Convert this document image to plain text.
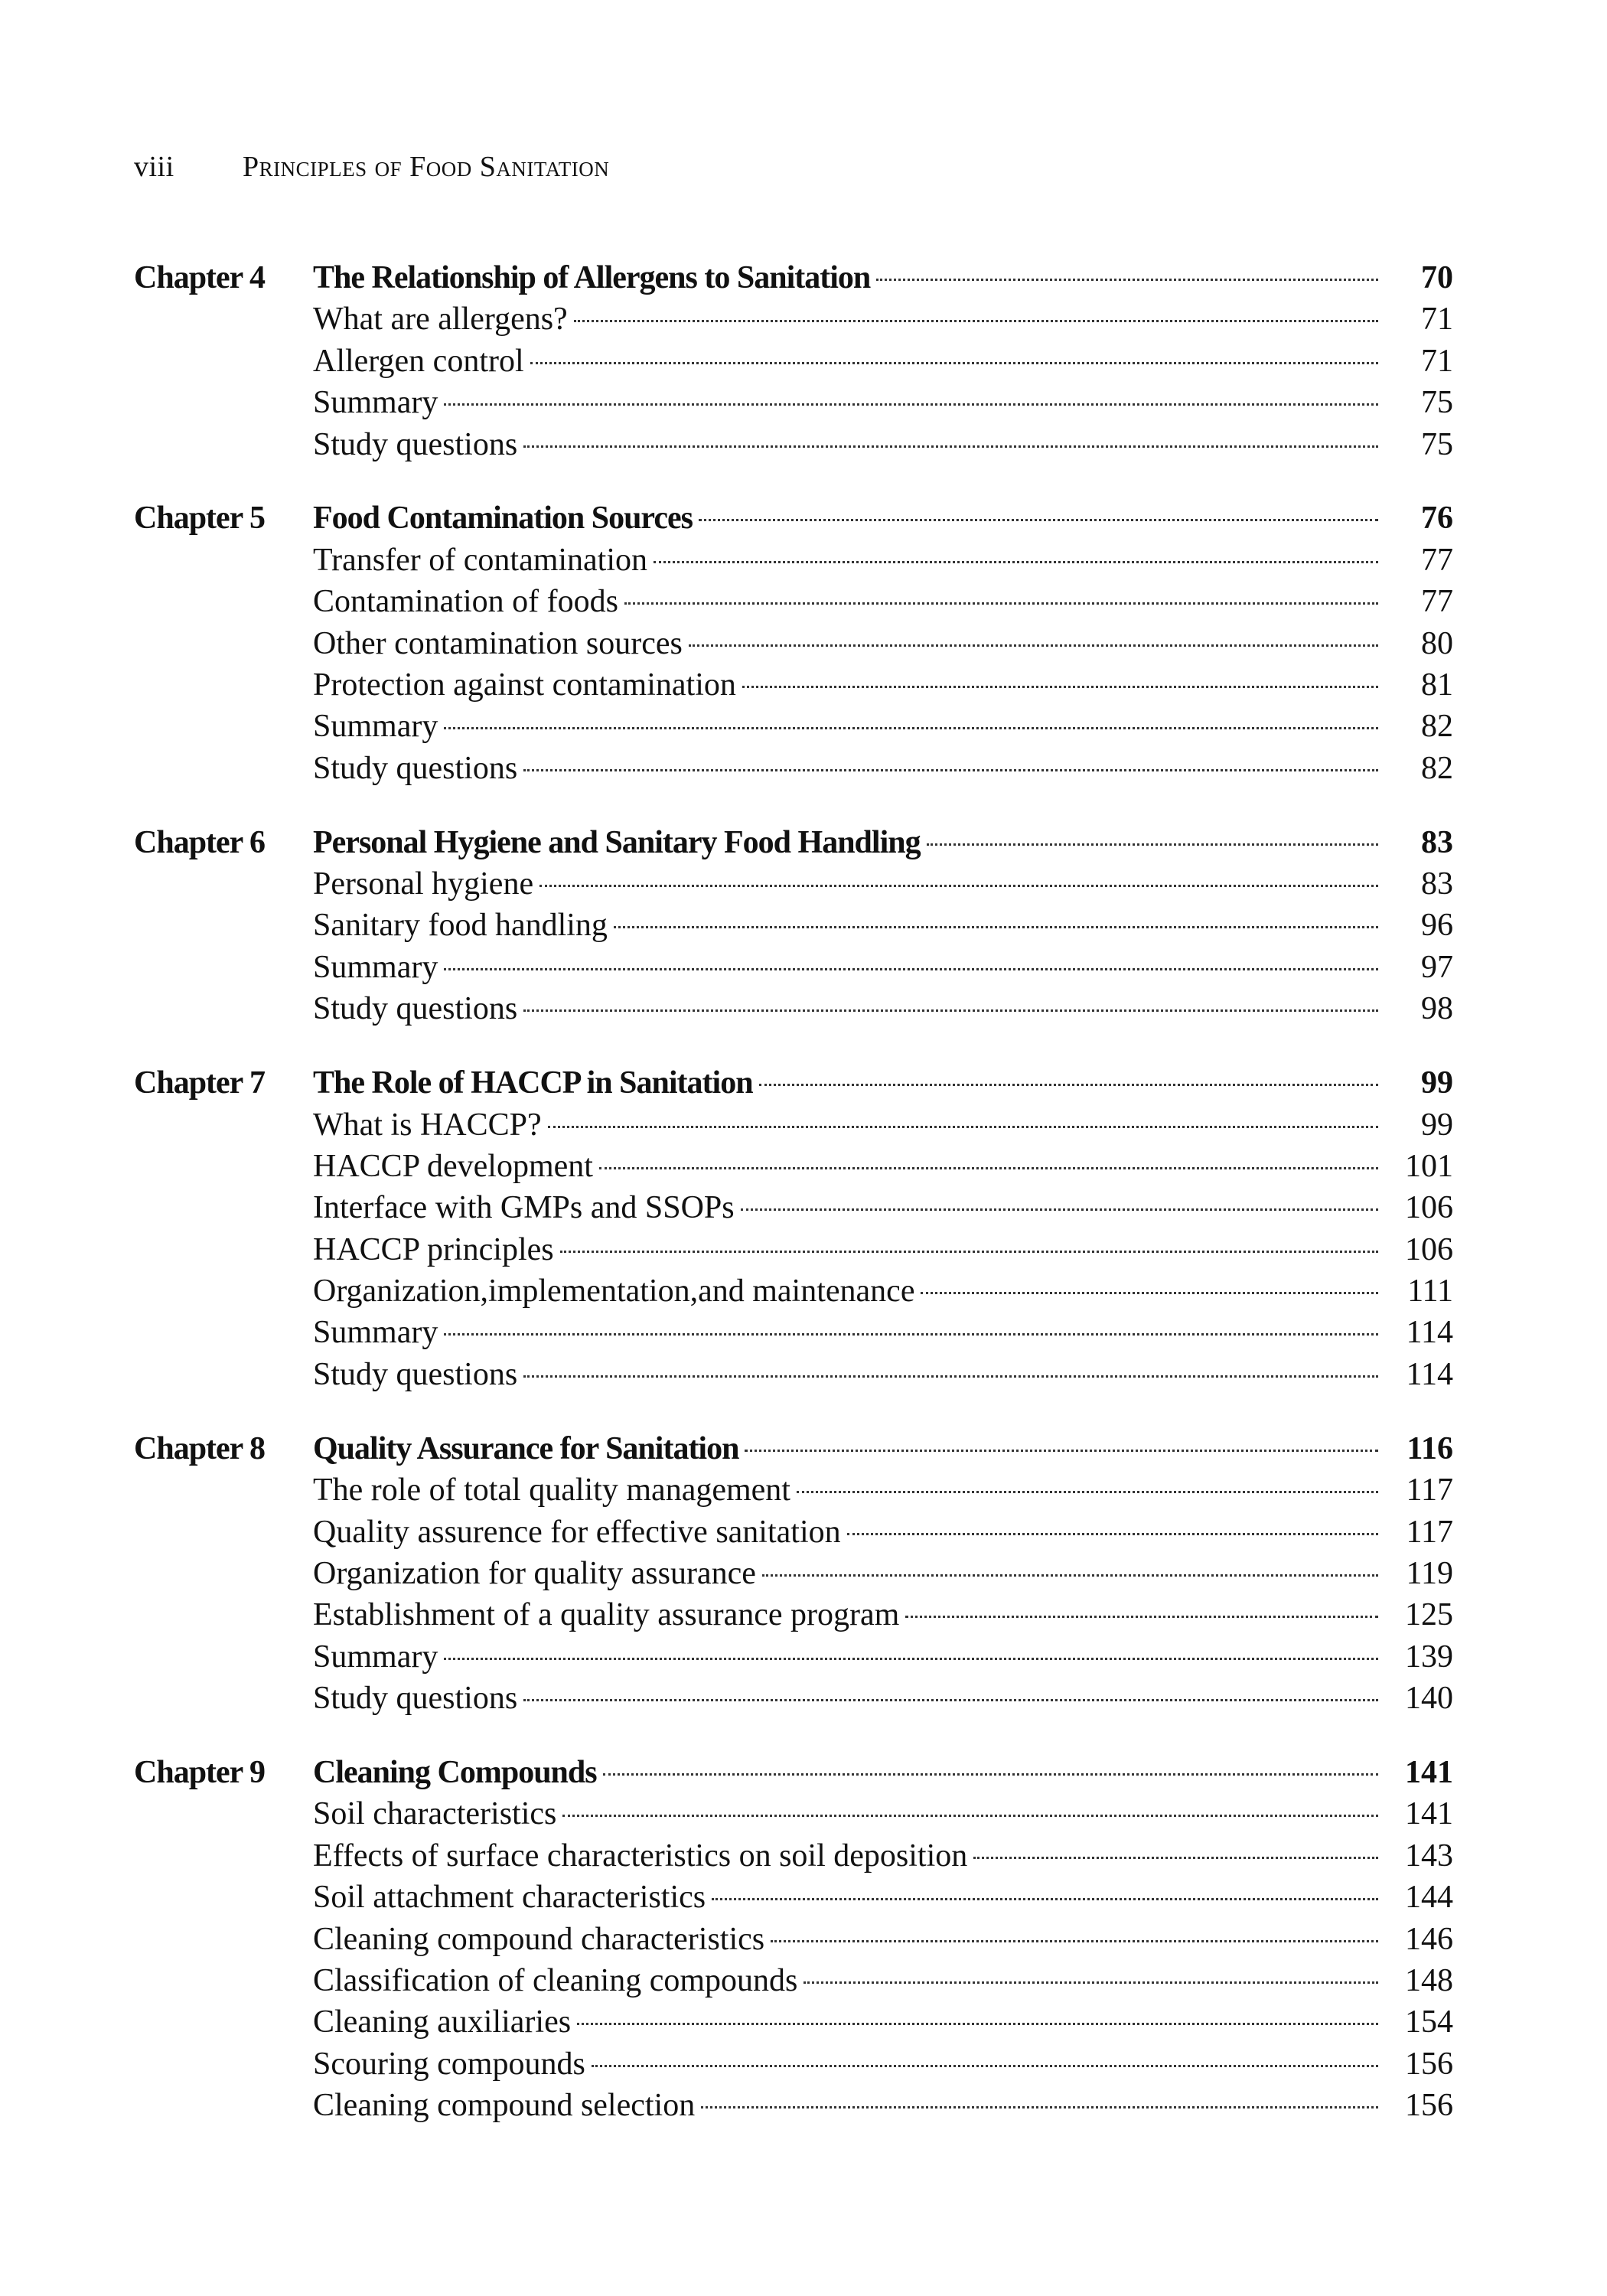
viii Principles of Food Sanitation
Chapter 4	The Relationship of Allergens to Sanitation	70
What are allergens?	71
Allergen control	71
Summary	75
Study questions	75
Chapter 5	Food Contamination Sources	76
Transfer of contamination	77
Contamination of foods	77
Other contamination sources	80
Protection against contamination	81
Summary	82
Study questions	82
Chapter 6	Personal Hygiene and Sanitary Food Handling	83
Personal hygiene	83
Sanitary food handling	96
Summary	97
Study questions	98
Chapter 7	The Role of HACCP in Sanitation	99
What is HACCP?	99
HACCP development	101
Interface with GMPs and SSOPs	106
HACCP principles	106
Organization,implementation,and maintenance	111
Summary	114
Study questions	114
Chapter 8	Quality Assurance for Sanitation	116
The role of total quality management	117
Quality assurence for effective sanitation	117
Organization for quality assurance	119
Establishment of a quality assurance program	125
Summary	139
Study questions	140
Chapter 9	Cleaning Compounds	141
Soil characteristics	141
Effects of surface characteristics on soil deposition	143
Soil attachment characteristics	144
Cleaning compound characteristics	146
Classification of cleaning compounds	148
Cleaning auxiliaries	154
Scouring compounds	156
Cleaning compound selection	156
